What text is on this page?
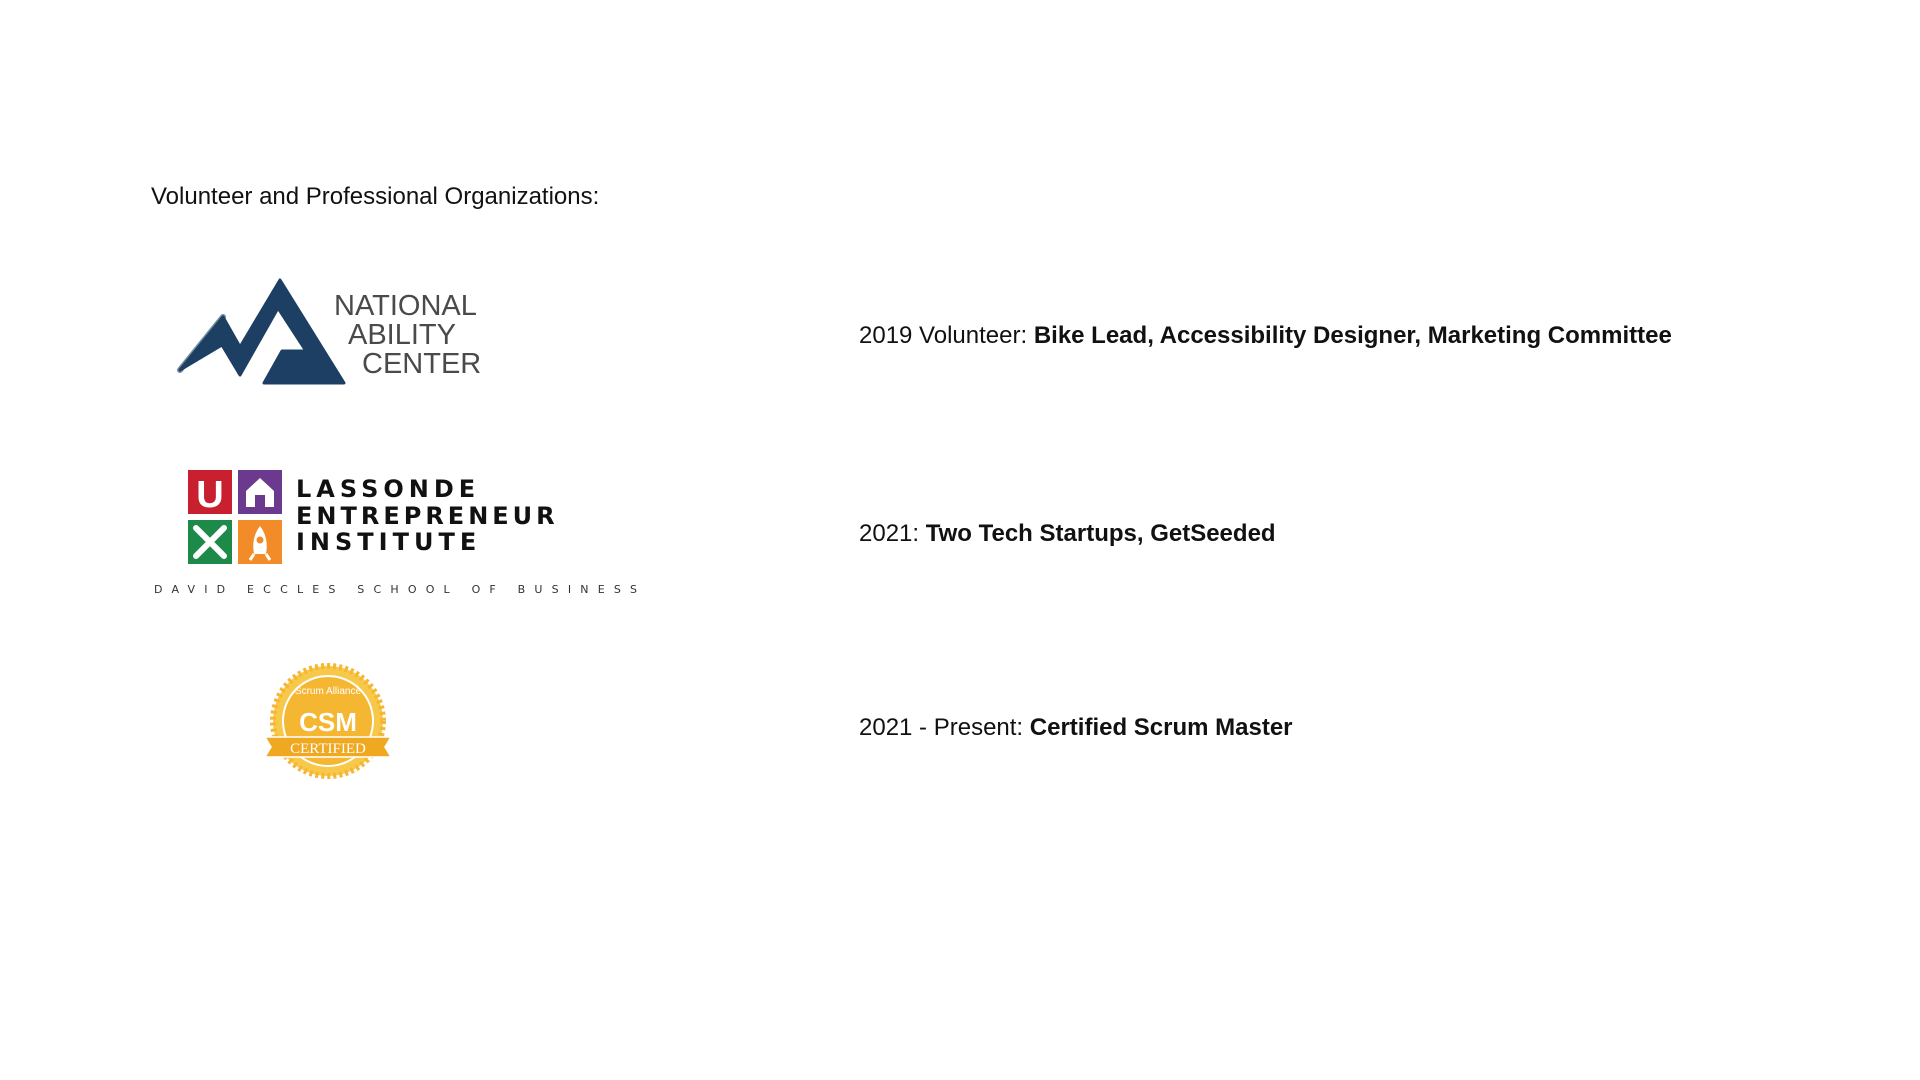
Volunteer and Professional Organizations:
NATIONAL
ABILITY
CENTER
2019 Volunteer: Bike Lead, Accessibility Designer, Marketing Committee
U	LASSONDE
ENTREPRENEUR
INSTITUTE
DAVID ECCLES SCHOOL OF BUSINESS
2021: Two Tech Startups, GetSeeded
Scrum Alliance
CSM
CERTIFIED
2021 - Present: Certified Scrum Master
